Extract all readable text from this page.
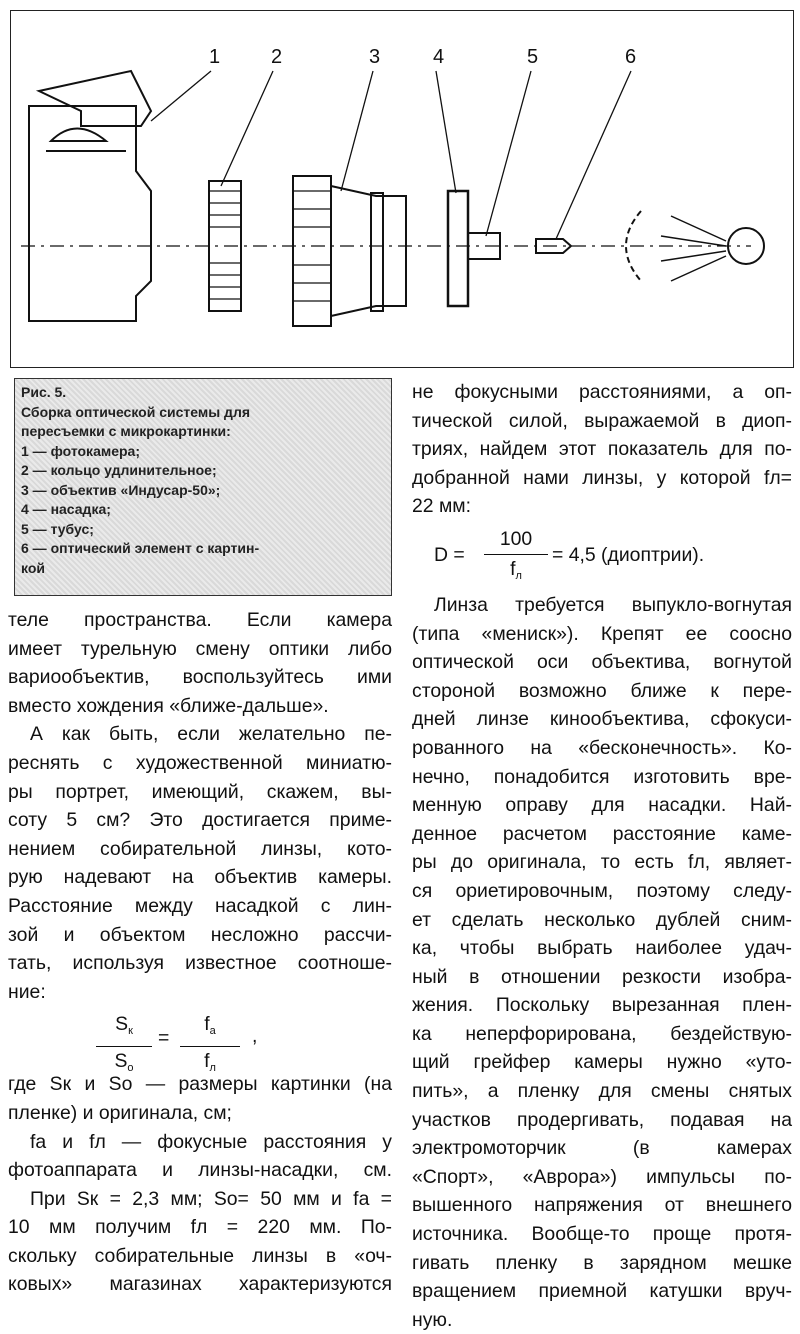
1	2	3	4	5	6
Рис. 5.
Сборка оптической системы для
пересъемки с микрокартинки:
1 — фотокамера;
2 — кольцо удлинительное;
3 — объектив «Индусар-50»;
4 — насадка;
5 — тубус;
6 — оптический элемент с картин-
кой

теле пространства. Если камера

имеет турельную смену оптики либо

вариообъектив, воспользуйтесь ими

вместо хождения «ближе-дальше».

А как быть, если желательно пе-

реснять с художественной миниатю-

ры портрет, имеющий, скажем, вы-

соту 5 см? Это достигается приме-

нением собирательной линзы, кото-

рую надевают на объектив камеры.

Расстояние между насадкой с лин-

зой и объектом несложно рассчи-

тать, используя известное соотноше-

ние:

$S_к$
$S_о$
=
$f_а$
$f_л$
,

где Sк и Sо — размеры картинки (на

пленке) и оригинала, см;

fа и fл — фокусные расстояния у

фотоаппарата и линзы-насадки, см.

При Sк = 2,3 мм; Sо= 50 мм и fа =

10 мм получим fл = 220 мм. По-

скольку собирательные линзы в «оч-

ковых» магазинах характеризуются

не фокусными расстояниями, а оп-

тической силой, выражаемой в диоп-

триях, найдем этот показатель для по-

добранной нами линзы, у которой fл=

22 мм:

D =
100
$f_л$
= 4,5 (диоптрии).

Линза требуется выпукло-вогнутая

(типа «мениск»). Крепят ее соосно

оптической оси объектива, вогнутой

стороной возможно ближе к пере-

дней линзе кинообъектива, сфокуси-

рованного на «бесконечность». Ко-

нечно, понадобится изготовить вре-

менную оправу для насадки. Най-

денное расчетом расстояние каме-

ры до оригинала, то есть fл, являет-

ся ориетировочным, поэтому следу-

ет сделать несколько дублей сним-

ка, чтобы выбрать наиболее удач-

ный в отношении резкости изобра-

жения. Поскольку вырезанная плен-

ка неперфорирована, бездействую-

щий грейфер камеры нужно «уто-

пить», а пленку для смены снятых

участков продергивать, подавая на

электромоторчик (в камерах

«Спорт», «Аврора») импульсы по-

вышенного напряжения от внешнего

источника. Вообще-то проще протя-

гивать пленку в зарядном мешке

вращением приемной катушки вруч-

ную.
